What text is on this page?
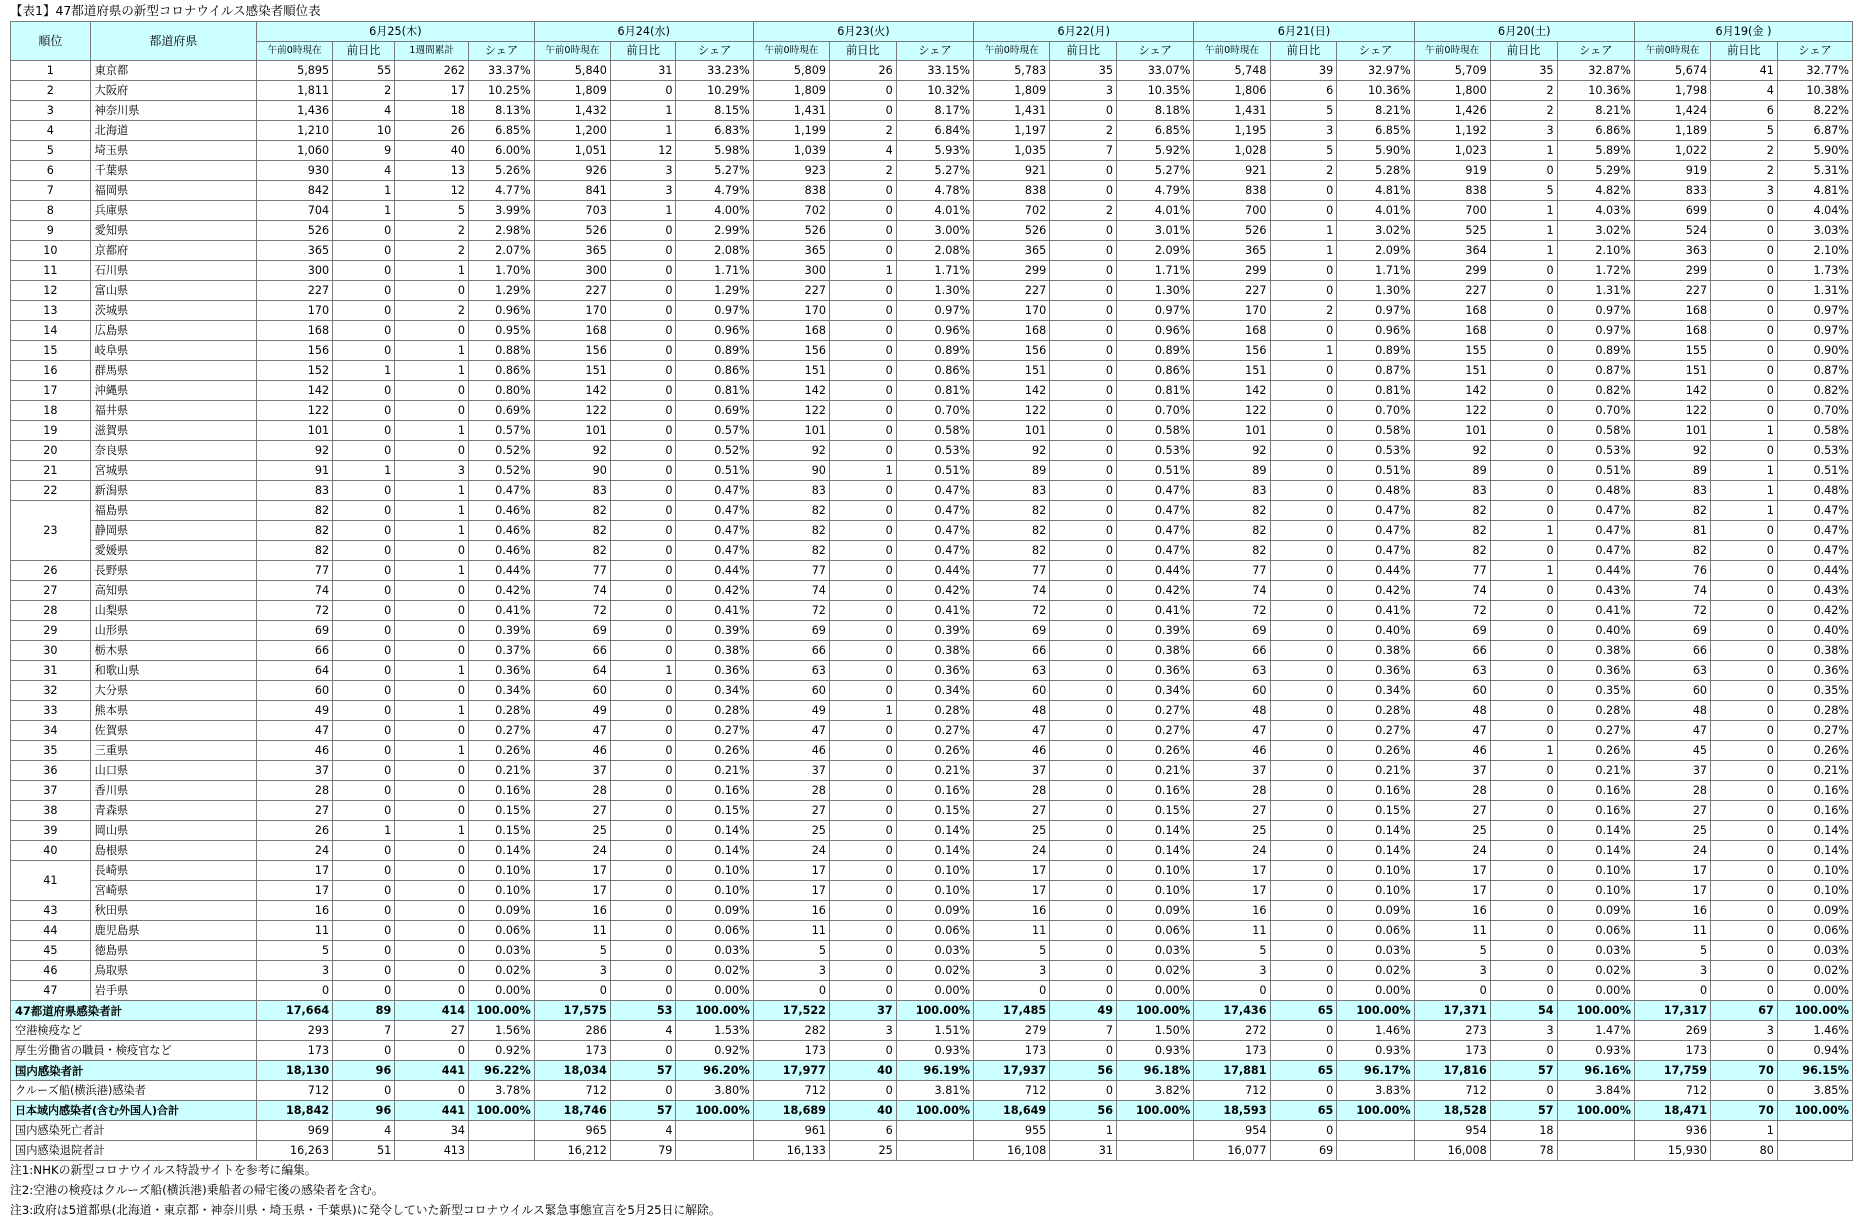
【表1】47都道府県の新型コロナウイルス感染者順位表
順位	都道府県	6月25(木)				6月24(水)			6月23(火)			6月22(月)			6月21(日)			6月20(土)			6月19(金 )		
		午前0時現在	前日比	1週間累計	シェア	午前0時現在	前日比	シェア	午前0時現在	前日比	シェア	午前0時現在	前日比	シェア	午前0時現在	前日比	シェア	午前0時現在	前日比	シェア	午前0時現在	前日比	シェア
1	東京都	5,895	55	262	33.37%	5,840	31	33.23%	5,809	26	33.15%	5,783	35	33.07%	5,748	39	32.97%	5,709	35	32.87%	5,674	41	32.77%
2	大阪府	1,811	2	17	10.25%	1,809	0	10.29%	1,809	0	10.32%	1,809	3	10.35%	1,806	6	10.36%	1,800	2	10.36%	1,798	4	10.38%
3	神奈川県	1,436	4	18	8.13%	1,432	1	8.15%	1,431	0	8.17%	1,431	0	8.18%	1,431	5	8.21%	1,426	2	8.21%	1,424	6	8.22%
4	北海道	1,210	10	26	6.85%	1,200	1	6.83%	1,199	2	6.84%	1,197	2	6.85%	1,195	3	6.85%	1,192	3	6.86%	1,189	5	6.87%
5	埼玉県	1,060	9	40	6.00%	1,051	12	5.98%	1,039	4	5.93%	1,035	7	5.92%	1,028	5	5.90%	1,023	1	5.89%	1,022	2	5.90%
6	千葉県	930	4	13	5.26%	926	3	5.27%	923	2	5.27%	921	0	5.27%	921	2	5.28%	919	0	5.29%	919	2	5.31%
7	福岡県	842	1	12	4.77%	841	3	4.79%	838	0	4.78%	838	0	4.79%	838	0	4.81%	838	5	4.82%	833	3	4.81%
8	兵庫県	704	1	5	3.99%	703	1	4.00%	702	0	4.01%	702	2	4.01%	700	0	4.01%	700	1	4.03%	699	0	4.04%
9	愛知県	526	0	2	2.98%	526	0	2.99%	526	0	3.00%	526	0	3.01%	526	1	3.02%	525	1	3.02%	524	0	3.03%
10	京都府	365	0	2	2.07%	365	0	2.08%	365	0	2.08%	365	0	2.09%	365	1	2.09%	364	1	2.10%	363	0	2.10%
11	石川県	300	0	1	1.70%	300	0	1.71%	300	1	1.71%	299	0	1.71%	299	0	1.71%	299	0	1.72%	299	0	1.73%
12	富山県	227	0	0	1.29%	227	0	1.29%	227	0	1.30%	227	0	1.30%	227	0	1.30%	227	0	1.31%	227	0	1.31%
13	茨城県	170	0	2	0.96%	170	0	0.97%	170	0	0.97%	170	0	0.97%	170	2	0.97%	168	0	0.97%	168	0	0.97%
14	広島県	168	0	0	0.95%	168	0	0.96%	168	0	0.96%	168	0	0.96%	168	0	0.96%	168	0	0.97%	168	0	0.97%
15	岐阜県	156	0	1	0.88%	156	0	0.89%	156	0	0.89%	156	0	0.89%	156	1	0.89%	155	0	0.89%	155	0	0.90%
16	群馬県	152	1	1	0.86%	151	0	0.86%	151	0	0.86%	151	0	0.86%	151	0	0.87%	151	0	0.87%	151	0	0.87%
17	沖縄県	142	0	0	0.80%	142	0	0.81%	142	0	0.81%	142	0	0.81%	142	0	0.81%	142	0	0.82%	142	0	0.82%
18	福井県	122	0	0	0.69%	122	0	0.69%	122	0	0.70%	122	0	0.70%	122	0	0.70%	122	0	0.70%	122	0	0.70%
19	滋賀県	101	0	1	0.57%	101	0	0.57%	101	0	0.58%	101	0	0.58%	101	0	0.58%	101	0	0.58%	101	1	0.58%
20	奈良県	92	0	0	0.52%	92	0	0.52%	92	0	0.53%	92	0	0.53%	92	0	0.53%	92	0	0.53%	92	0	0.53%
21	宮城県	91	1	3	0.52%	90	0	0.51%	90	1	0.51%	89	0	0.51%	89	0	0.51%	89	0	0.51%	89	1	0.51%
22	新潟県	83	0	1	0.47%	83	0	0.47%	83	0	0.47%	83	0	0.47%	83	0	0.48%	83	0	0.48%	83	1	0.48%
23	福島県	82	0	1	0.46%	82	0	0.47%	82	0	0.47%	82	0	0.47%	82	0	0.47%	82	0	0.47%	82	1	0.47%
	静岡県	82	0	1	0.46%	82	0	0.47%	82	0	0.47%	82	0	0.47%	82	0	0.47%	82	1	0.47%	81	0	0.47%
	愛媛県	82	0	0	0.46%	82	0	0.47%	82	0	0.47%	82	0	0.47%	82	0	0.47%	82	0	0.47%	82	0	0.47%
26	長野県	77	0	1	0.44%	77	0	0.44%	77	0	0.44%	77	0	0.44%	77	0	0.44%	77	1	0.44%	76	0	0.44%
27	高知県	74	0	0	0.42%	74	0	0.42%	74	0	0.42%	74	0	0.42%	74	0	0.42%	74	0	0.43%	74	0	0.43%
28	山梨県	72	0	0	0.41%	72	0	0.41%	72	0	0.41%	72	0	0.41%	72	0	0.41%	72	0	0.41%	72	0	0.42%
29	山形県	69	0	0	0.39%	69	0	0.39%	69	0	0.39%	69	0	0.39%	69	0	0.40%	69	0	0.40%	69	0	0.40%
30	栃木県	66	0	0	0.37%	66	0	0.38%	66	0	0.38%	66	0	0.38%	66	0	0.38%	66	0	0.38%	66	0	0.38%
31	和歌山県	64	0	1	0.36%	64	1	0.36%	63	0	0.36%	63	0	0.36%	63	0	0.36%	63	0	0.36%	63	0	0.36%
32	大分県	60	0	0	0.34%	60	0	0.34%	60	0	0.34%	60	0	0.34%	60	0	0.34%	60	0	0.35%	60	0	0.35%
33	熊本県	49	0	1	0.28%	49	0	0.28%	49	1	0.28%	48	0	0.27%	48	0	0.28%	48	0	0.28%	48	0	0.28%
34	佐賀県	47	0	0	0.27%	47	0	0.27%	47	0	0.27%	47	0	0.27%	47	0	0.27%	47	0	0.27%	47	0	0.27%
35	三重県	46	0	1	0.26%	46	0	0.26%	46	0	0.26%	46	0	0.26%	46	0	0.26%	46	1	0.26%	45	0	0.26%
36	山口県	37	0	0	0.21%	37	0	0.21%	37	0	0.21%	37	0	0.21%	37	0	0.21%	37	0	0.21%	37	0	0.21%
37	香川県	28	0	0	0.16%	28	0	0.16%	28	0	0.16%	28	0	0.16%	28	0	0.16%	28	0	0.16%	28	0	0.16%
38	青森県	27	0	0	0.15%	27	0	0.15%	27	0	0.15%	27	0	0.15%	27	0	0.15%	27	0	0.16%	27	0	0.16%
39	岡山県	26	1	1	0.15%	25	0	0.14%	25	0	0.14%	25	0	0.14%	25	0	0.14%	25	0	0.14%	25	0	0.14%
40	島根県	24	0	0	0.14%	24	0	0.14%	24	0	0.14%	24	0	0.14%	24	0	0.14%	24	0	0.14%	24	0	0.14%
41	長崎県	17	0	0	0.10%	17	0	0.10%	17	0	0.10%	17	0	0.10%	17	0	0.10%	17	0	0.10%	17	0	0.10%
	宮崎県	17	0	0	0.10%	17	0	0.10%	17	0	0.10%	17	0	0.10%	17	0	0.10%	17	0	0.10%	17	0	0.10%
43	秋田県	16	0	0	0.09%	16	0	0.09%	16	0	0.09%	16	0	0.09%	16	0	0.09%	16	0	0.09%	16	0	0.09%
44	鹿児島県	11	0	0	0.06%	11	0	0.06%	11	0	0.06%	11	0	0.06%	11	0	0.06%	11	0	0.06%	11	0	0.06%
45	徳島県	5	0	0	0.03%	5	0	0.03%	5	0	0.03%	5	0	0.03%	5	0	0.03%	5	0	0.03%	5	0	0.03%
46	鳥取県	3	0	0	0.02%	3	0	0.02%	3	0	0.02%	3	0	0.02%	3	0	0.02%	3	0	0.02%	3	0	0.02%
47	岩手県	0	0	0	0.00%	0	0	0.00%	0	0	0.00%	0	0	0.00%	0	0	0.00%	0	0	0.00%	0	0	0.00%
47都道府県感染者計		17,664	89	414	100.00%	17,575	53	100.00%	17,522	37	100.00%	17,485	49	100.00%	17,436	65	100.00%	17,371	54	100.00%	17,317	67	100.00%
空港検疫など		293	7	27	1.56%	286	4	1.53%	282	3	1.51%	279	7	1.50%	272	0	1.46%	273	3	1.47%	269	3	1.46%
厚生労働省の職員・検疫官など		173	0	0	0.92%	173	0	0.92%	173	0	0.93%	173	0	0.93%	173	0	0.93%	173	0	0.93%	173	0	0.94%
国内感染者計		18,130	96	441	96.22%	18,034	57	96.20%	17,977	40	96.19%	17,937	56	96.18%	17,881	65	96.17%	17,816	57	96.16%	17,759	70	96.15%
クルーズ船(横浜港)感染者		712	0	0	3.78%	712	0	3.80%	712	0	3.81%	712	0	3.82%	712	0	3.83%	712	0	3.84%	712	0	3.85%
日本域内感染者(含む外国人)合計		18,842	96	441	100.00%	18,746	57	100.00%	18,689	40	100.00%	18,649	56	100.00%	18,593	65	100.00%	18,528	57	100.00%	18,471	70	100.00%
国内感染死亡者計		969	4	34		965	4		961	6		955	1		954	0		954	18		936	1	
国内感染退院者計		16,263	51	413		16,212	79		16,133	25		16,108	31		16,077	69		16,008	78		15,930	80	
注1:NHKの新型コロナウイルス特設サイトを参考に編集。
注2:空港の検疫はクルーズ船(横浜港)乗船者の帰宅後の感染者を含む。
注3:政府は5道都県(北海道・東京都・神奈川県・埼玉県・千葉県)に発令していた新型コロナウイルス緊急事態宣言を5月25日に解除。
